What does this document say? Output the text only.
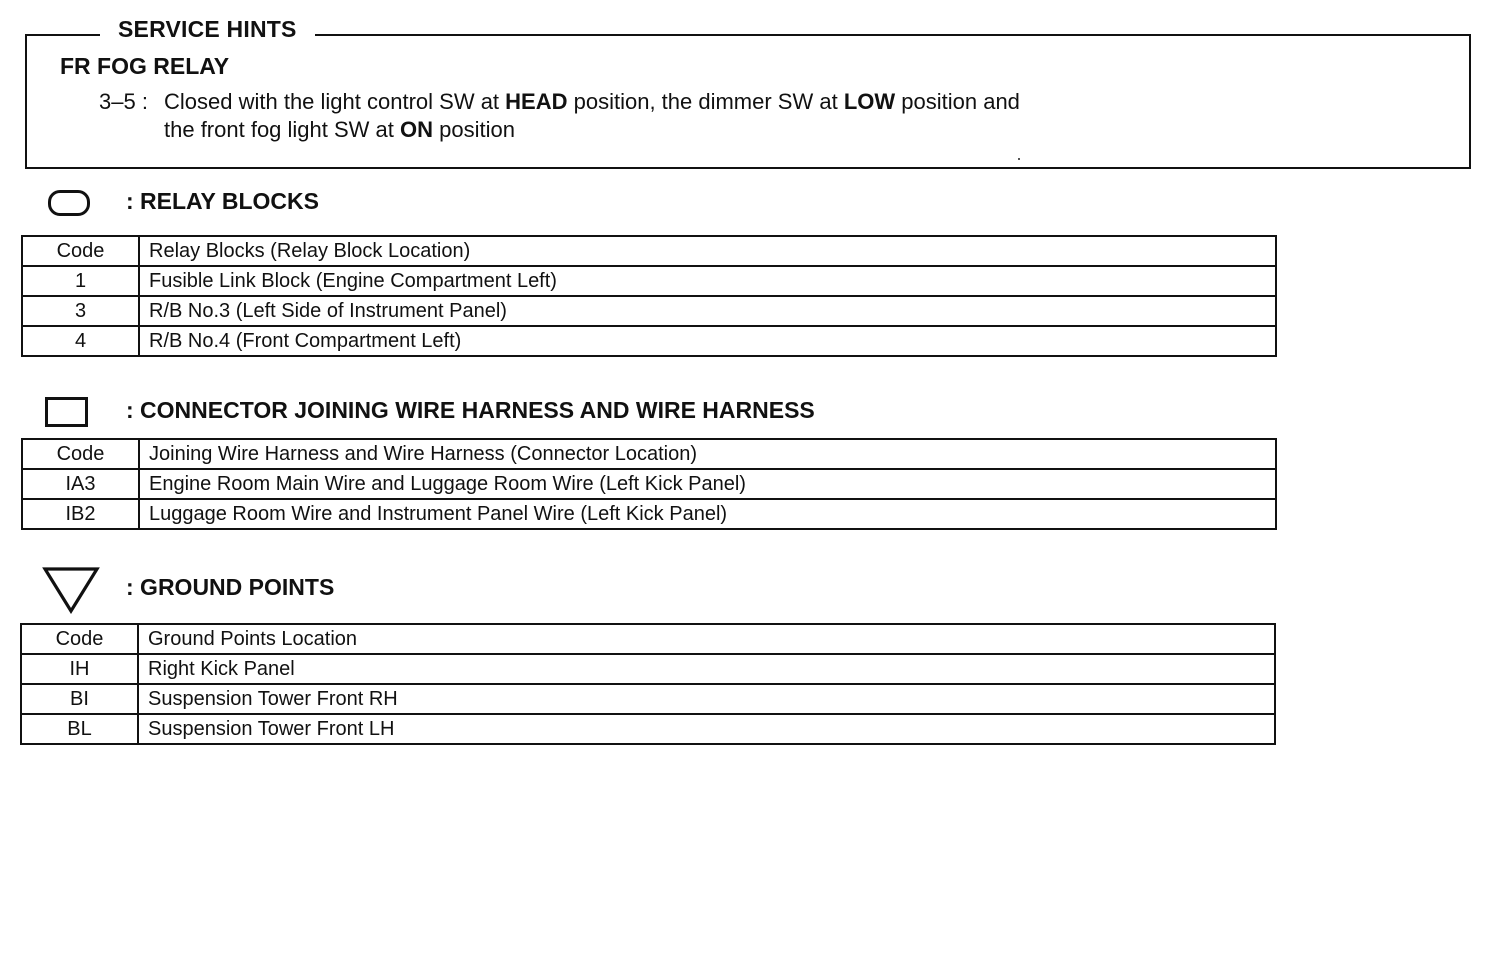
SERVICE HINTS
FR FOG RELAY
3–5 : Closed with the light control SW at HEAD position, the dimmer SW at LOW position and
the front fog light SW at ON position
: RELAY BLOCKS
Code	Relay Blocks (Relay Block Location)
1	Fusible Link Block (Engine Compartment Left)
3	R/B No.3 (Left Side of Instrument Panel)
4	R/B No.4 (Front Compartment Left)
: CONNECTOR JOINING WIRE HARNESS AND WIRE HARNESS
Code	Joining Wire Harness and Wire Harness (Connector Location)
IA3	Engine Room Main Wire and Luggage Room Wire (Left Kick Panel)
IB2	Luggage Room Wire and Instrument Panel Wire (Left Kick Panel)
: GROUND POINTS
Code	Ground Points Location
IH	Right Kick Panel
BI	Suspension Tower Front RH
BL	Suspension Tower Front LH
